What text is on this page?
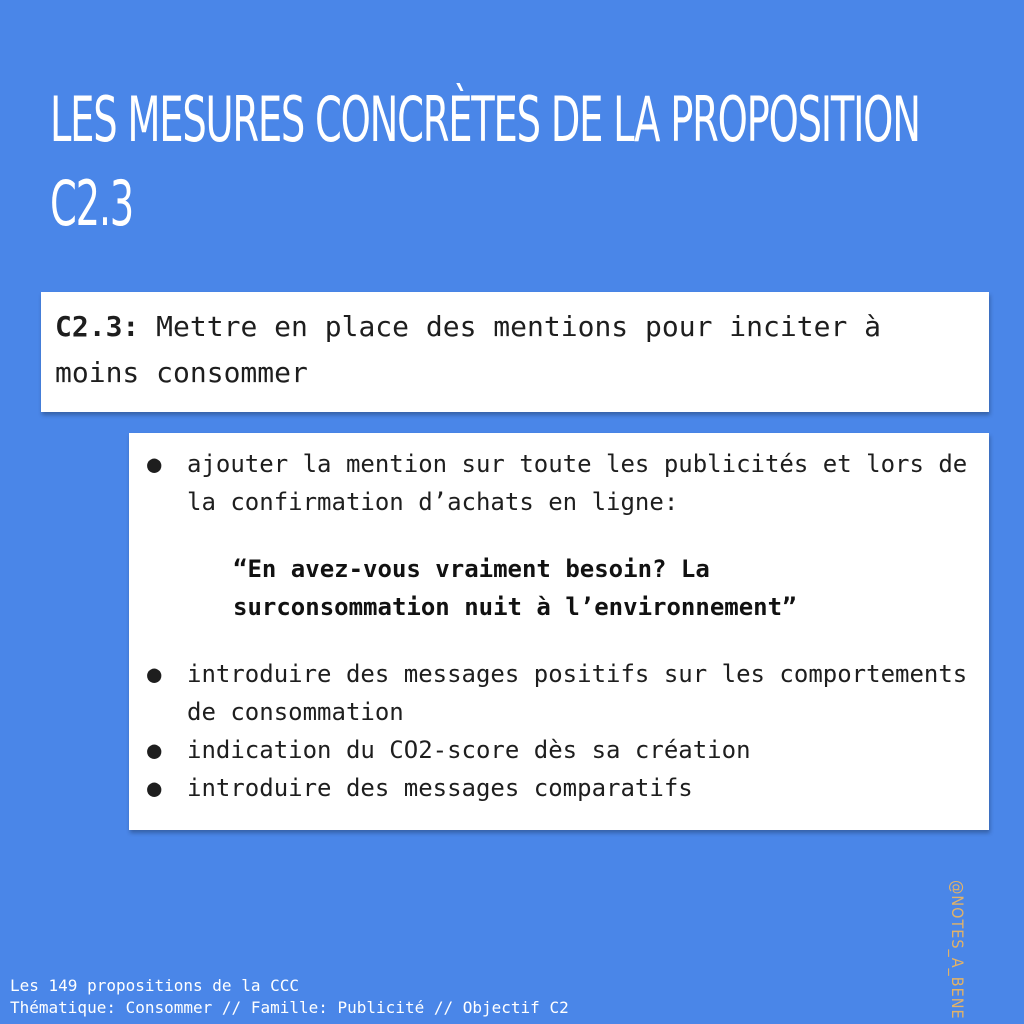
LES MESURES CONCRÈTES DE LA PROPOSITION C2.3

C2.3: Mettre en place des mentions pour inciter à moins consommer

●	ajouter la mention sur toute les publicités et lors de la confirmation d’achats en ligne:

“En avez-vous vraiment besoin? La surconsommation nuit à l’environnement”

●	introduire des messages positifs sur les comportements de consommation
●	indication du CO2-score dès sa création
●	introduire des messages comparatifs
@NOTES_A_BENE

Les 149 propositions de la CCC
Thématique: Consommer // Famille: Publicité // Objectif C2
